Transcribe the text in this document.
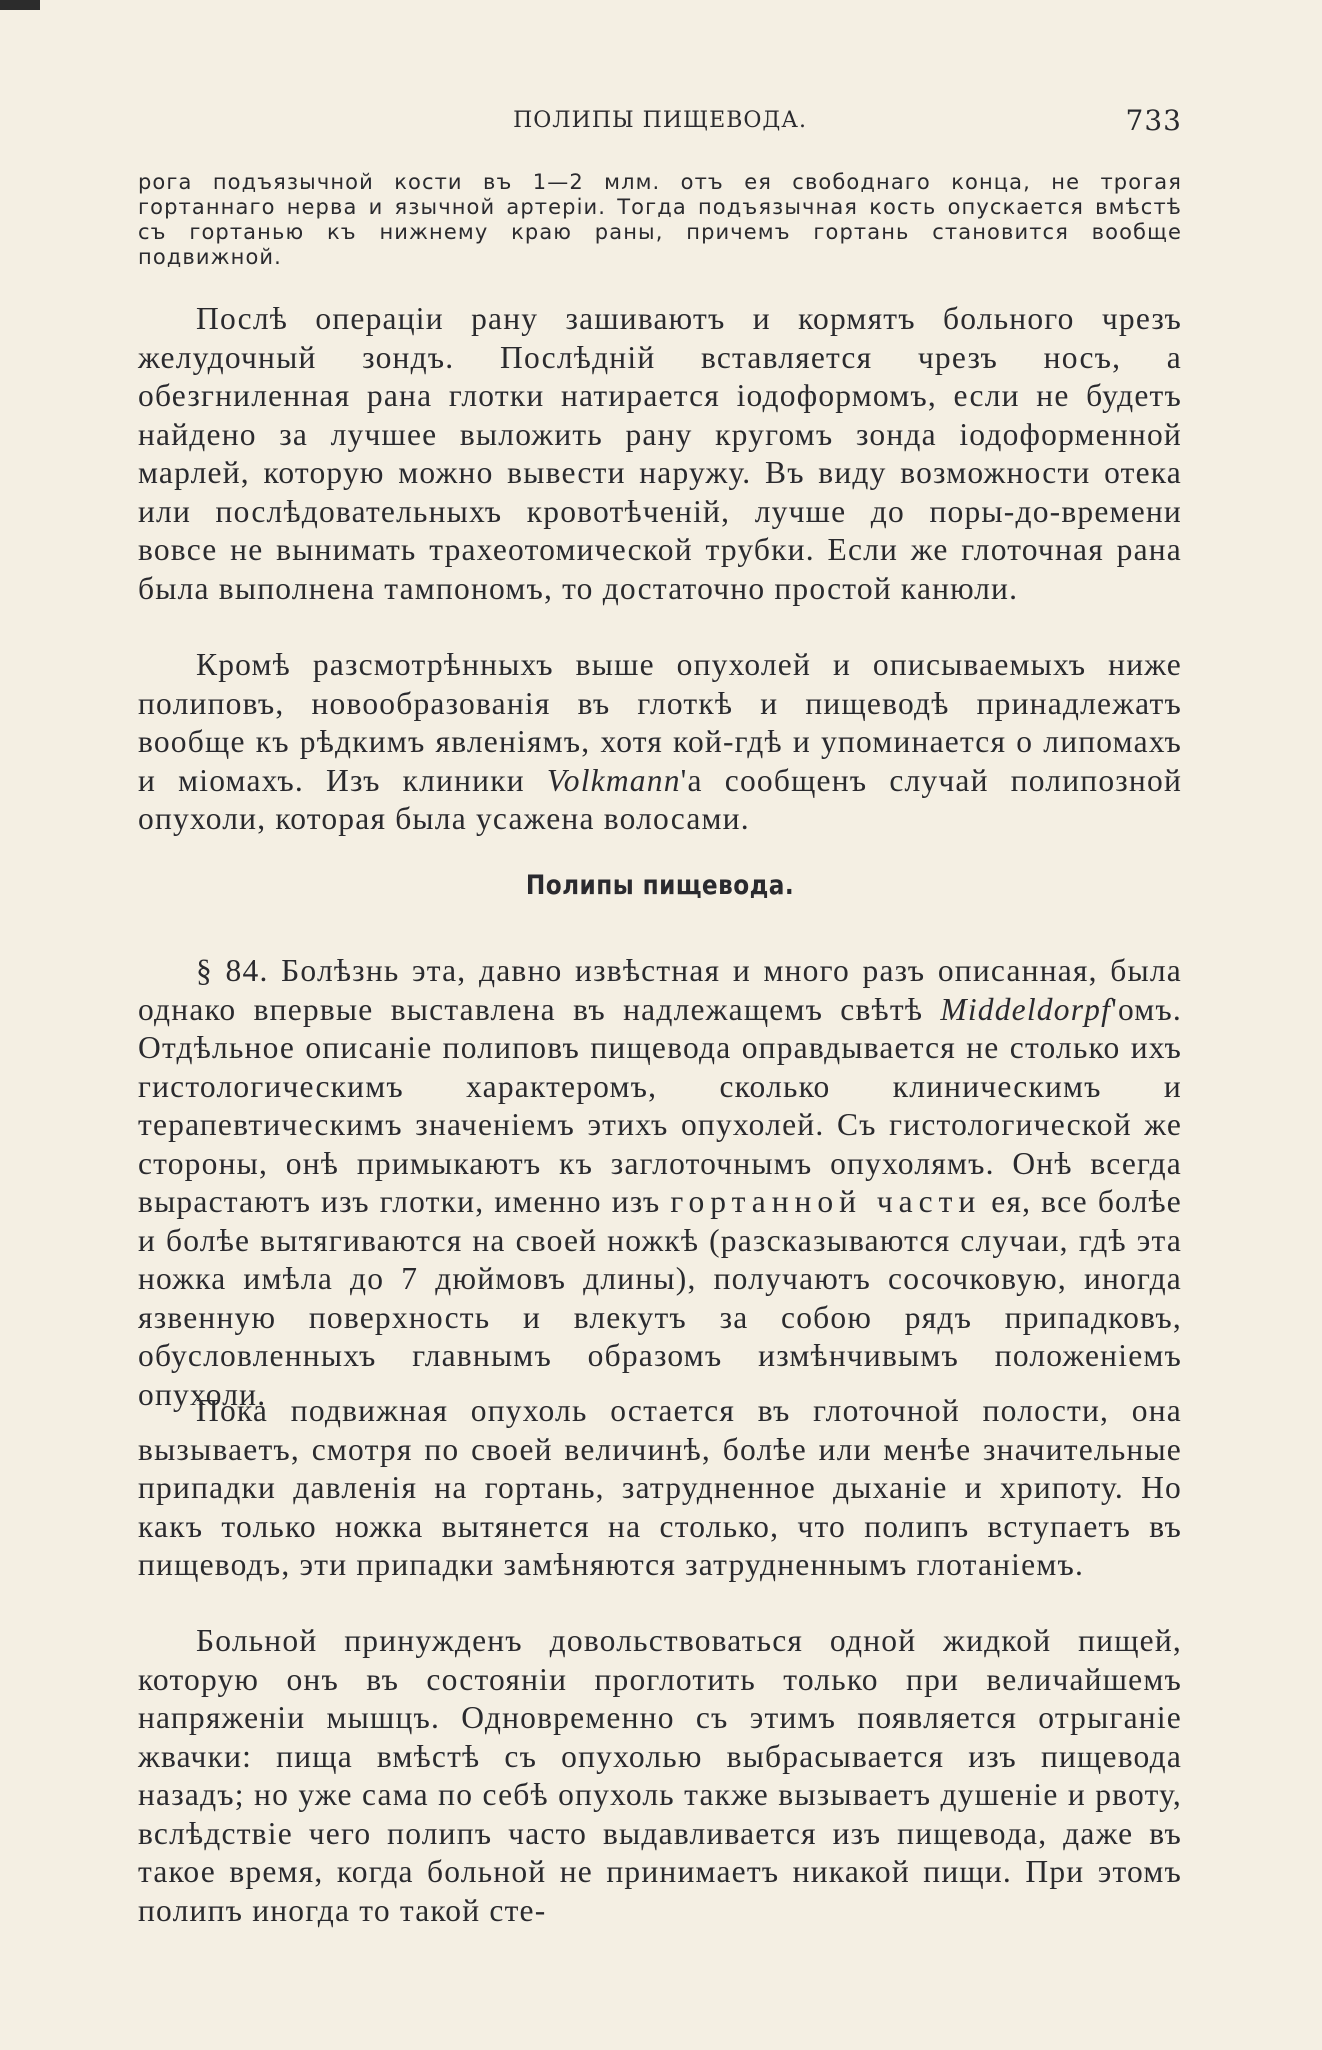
ПОЛИПЫ ПИЩЕВОДА.	733
рога подъязычной кости въ 1—2 млм. отъ ея свободнаго конца, не трогая гортаннаго нерва и язычной артеріи. Тогда подъязычная кость опускается вмѣстѣ съ гортанью къ нижнему краю раны, причемъ гортань становится вообще подвижной.

Послѣ операціи рану зашиваютъ и кормятъ больного чрезъ желудочный зондъ. Послѣдній вставляется чрезъ носъ, а обезгниленная рана глотки натирается іодоформомъ, если не будетъ найдено за лучшее выложить рану кругомъ зонда іодоформенной марлей, которую можно вывести наружу. Въ виду возможности отека или послѣдовательныхъ кровотѣченій, лучше до поры-до-времени вовсе не вынимать трахеотомической трубки. Если же глоточная рана была выполнена тампономъ, то достаточно простой канюли.

Кромѣ разсмотрѣнныхъ выше опухолей и описываемыхъ ниже полиповъ, новообразованія въ глоткѣ и пищеводѣ принадлежатъ вообще къ рѣдкимъ явленіямъ, хотя кой-гдѣ и упоминается о липомахъ и міомахъ. Изъ клиники Volkmann'а сообщенъ случай полипозной опухоли, которая была усажена волосами.

Полипы пищевода.

§ 84. Болѣзнь эта, давно извѣстная и много разъ описанная, была однако впервые выставлена въ надлежащемъ свѣтѣ Middeldorpf'омъ. Отдѣльное описаніе полиповъ пищевода оправдывается не столько ихъ гистологическимъ характеромъ, сколько клиническимъ и терапевтическимъ значеніемъ этихъ опухолей. Съ гистологической же стороны, онѣ примыкаютъ къ заглоточнымъ опухолямъ. Онѣ всегда вырастаютъ изъ глотки, именно изъ гортанной части ея, все болѣе и болѣе вытягиваются на своей ножкѣ (разсказываются случаи, гдѣ эта ножка имѣла до 7 дюймовъ длины), получаютъ сосочковую, иногда язвенную поверхность и влекутъ за собою рядъ припадковъ, обусловленныхъ главнымъ образомъ измѣнчивымъ положеніемъ опухоли.

Пока подвижная опухоль остается въ глоточной полости, она вызываетъ, смотря по своей величинѣ, болѣе или менѣе значительные припадки давленія на гортань, затрудненное дыханіе и хрипоту. Но какъ только ножка вытянется на столько, что полипъ вступаетъ въ пищеводъ, эти припадки замѣняются затрудненнымъ глотаніемъ.

Больной принужденъ довольствоваться одной жидкой пищей, которую онъ въ состояніи проглотить только при величайшемъ напряженіи мышцъ. Одновременно съ этимъ появляется отрыганіе жвачки: пища вмѣстѣ съ опухолью выбрасывается изъ пищевода назадъ; но уже сама по себѣ опухоль также вызываетъ душеніе и рвоту, вслѣдствіе чего полипъ часто выдавливается изъ пищевода, даже въ такое время, когда больной не принимаетъ никакой пищи. При этомъ полипъ иногда то такой сте-
